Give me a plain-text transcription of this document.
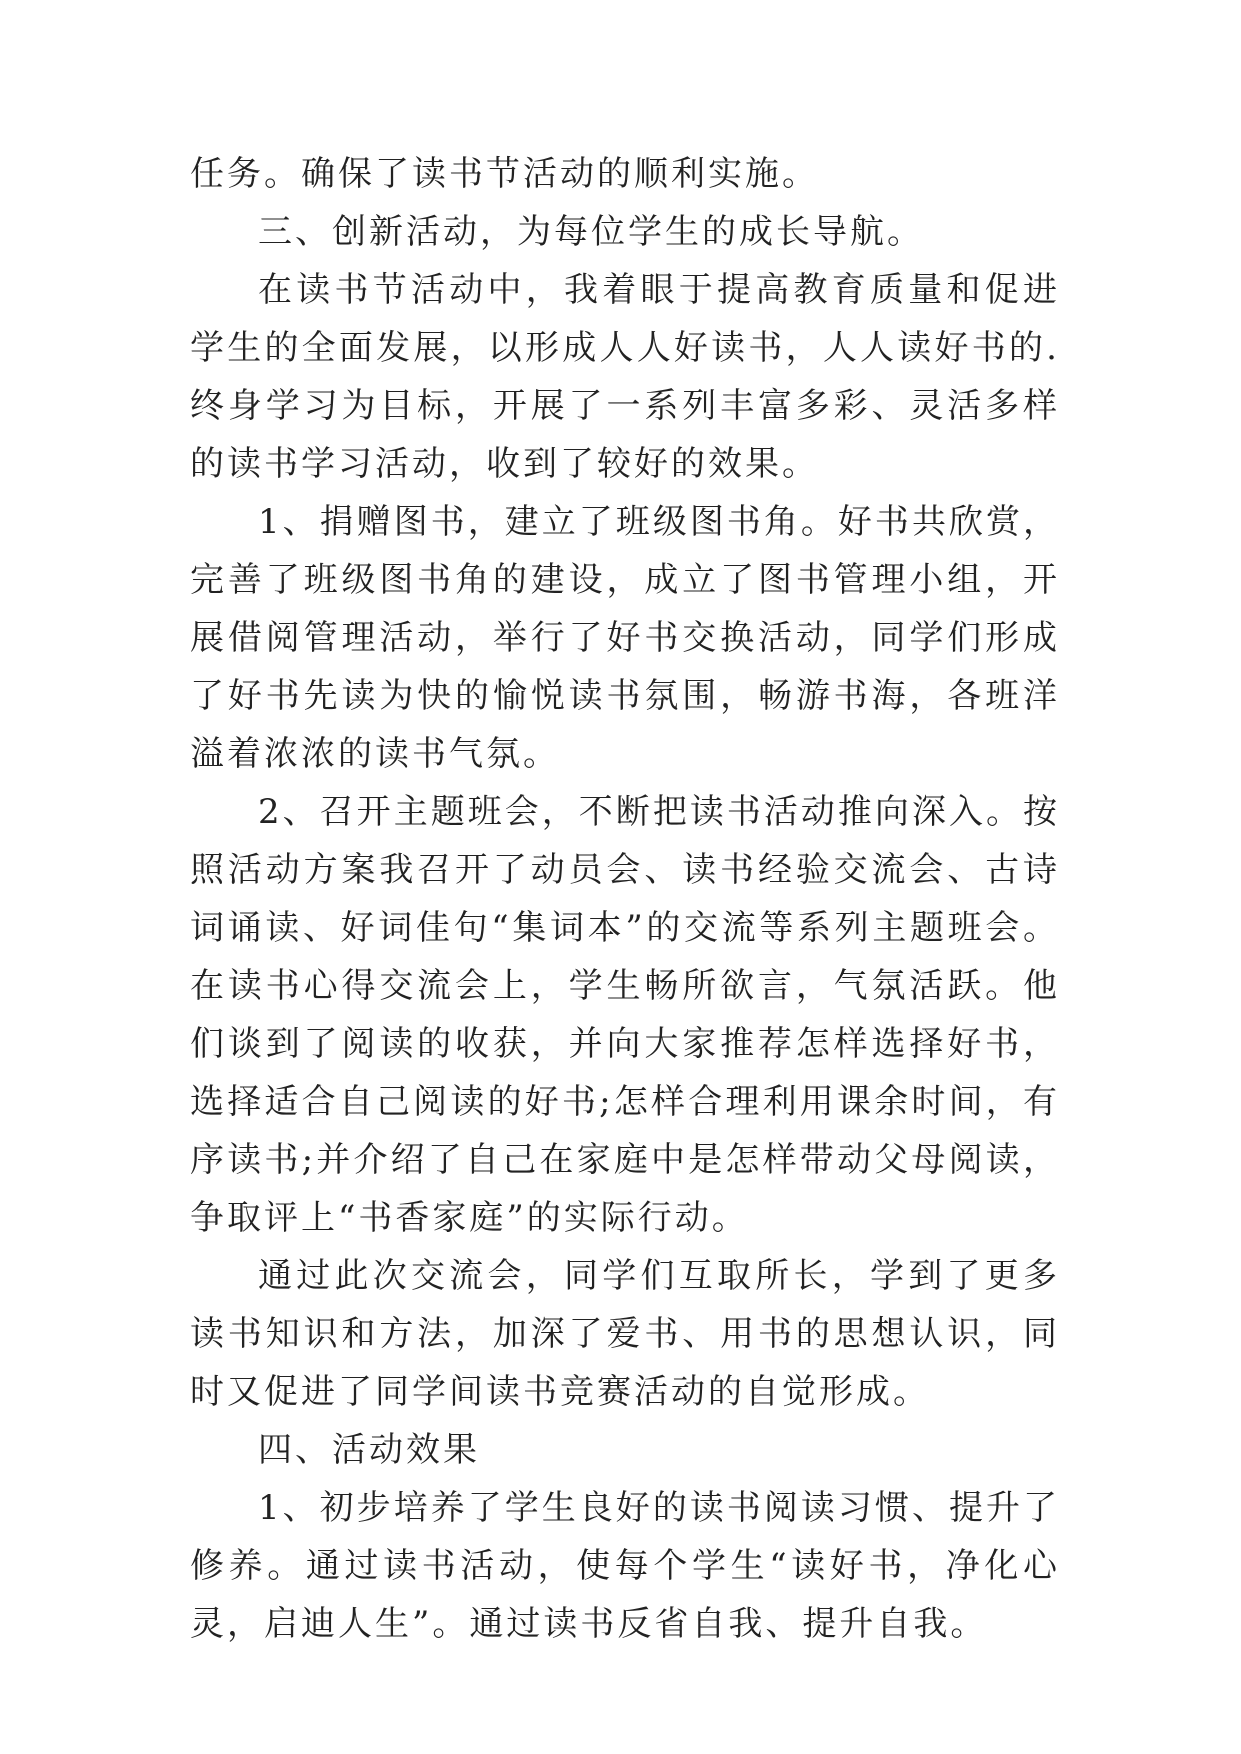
任务。确保了读书节活动的顺利实施。

三、创新活动，为每位学生的成长导航。

在读书节活动中，我着眼于提高教育质量和促进学生的全面发展，以形成人人好读书，人人读好书的.终身学习为目标，开展了一系列丰富多彩、灵活多样的读书学习活动，收到了较好的效果。

1、捐赠图书，建立了班级图书角。好书共欣赏，完善了班级图书角的建设，成立了图书管理小组，开展借阅管理活动，举行了好书交换活动，同学们形成了好书先读为快的愉悦读书氛围，畅游书海，各班洋溢着浓浓的读书气氛。

2、召开主题班会，不断把读书活动推向深入。按照活动方案我召开了动员会、读书经验交流会、古诗词诵读、好词佳句“集词本”的交流等系列主题班会。在读书心得交流会上，学生畅所欲言，气氛活跃。他们谈到了阅读的收获，并向大家推荐怎样选择好书，选择适合自己阅读的好书;怎样合理利用课余时间，有序读书;并介绍了自己在家庭中是怎样带动父母阅读，争取评上“书香家庭”的实际行动。

通过此次交流会，同学们互取所长，学到了更多读书知识和方法，加深了爱书、用书的思想认识，同时又促进了同学间读书竞赛活动的自觉形成。

四、活动效果

1、初步培养了学生良好的读书阅读习惯、提升了修养。通过读书活动，使每个学生“读好书，净化心灵，启迪人生”。通过读书反省自我、提升自我。
